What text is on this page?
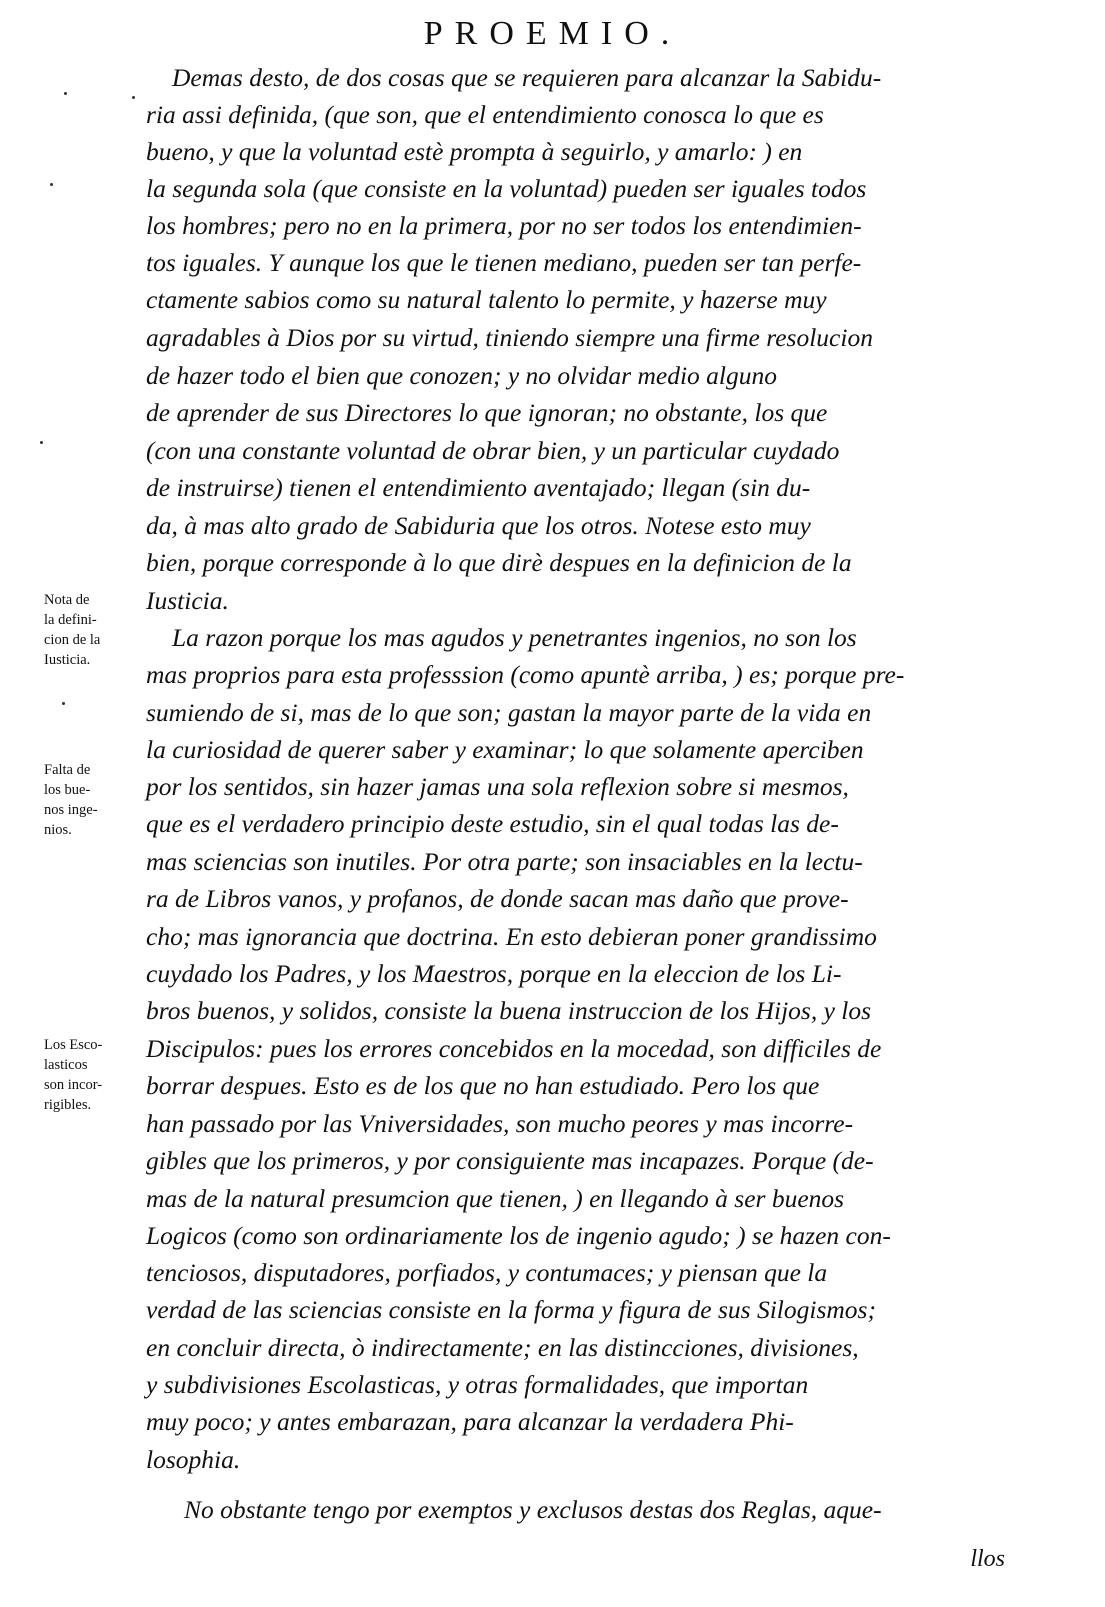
PROEMIO.
Demas desto, de dos cosas que se requieren para alcanzar la Sabidu-
ria assi definida, (que son, que el entendimiento conosca lo que es
bueno, y que la voluntad estè prompta à seguirlo, y amarlo: ) en
la segunda sola (que consiste en la voluntad) pueden ser iguales todos
los hombres; pero no en la primera, por no ser todos los entendimien-
tos iguales. Y aunque los que le tienen mediano, pueden ser tan perfe-
ctamente sabios como su natural talento lo permite, y hazerse muy
agradables à Dios por su virtud, tiniendo siempre una firme resolucion
de hazer todo el bien que conozen; y no olvidar medio alguno
de aprender de sus Directores lo que ignoran; no obstante, los que
(con una constante voluntad de obrar bien, y un particular cuydado
de instruirse) tienen el entendimiento aventajado; llegan (sin du-
da, à mas alto grado de Sabiduria que los otros. Notese esto muy
bien, porque corresponde à lo que dirè despues en la definicion de la
Iusticia.
La razon porque los mas agudos y penetrantes ingenios, no son los
mas proprios para esta professsion (como apuntè arriba, ) es; porque pre-
sumiendo de si, mas de lo que son; gastan la mayor parte de la vida en
la curiosidad de querer saber y examinar; lo que solamente aperciben
por los sentidos, sin hazer jamas una sola reflexion sobre si mesmos,
que es el verdadero principio deste estudio, sin el qual todas las de-
mas sciencias son inutiles. Por otra parte; son insaciables en la lectu-
ra de Libros vanos, y profanos, de donde sacan mas daño que prove-
cho; mas ignorancia que doctrina. En esto debieran poner grandissimo
cuydado los Padres, y los Maestros, porque en la eleccion de los Li-
bros buenos, y solidos, consiste la buena instruccion de los Hijos, y los
Discipulos: pues los errores concebidos en la mocedad, son difficiles de
borrar despues. Esto es de los que no han estudiado. Pero los que
han passado por las Vniversidades, son mucho peores y mas incorre-
gibles que los primeros, y por consiguiente mas incapazes. Porque (de-
mas de la natural presumcion que tienen, ) en llegando à ser buenos
Logicos (como son ordinariamente los de ingenio agudo; ) se hazen con-
tenciosos, disputadores, porfiados, y contumaces; y piensan que la
verdad de las sciencias consiste en la forma y figura de sus Silogismos;
en concluir directa, ò indirectamente; en las distincciones, divisiones,
y subdivisiones Escolasticas, y otras formalidades, que importan
muy poco; y antes embarazan, para alcanzar la verdadera Phi-
losophia.
No obstante tengo por exemptos y exclusos destas dos Reglas, aque-
llos
Nota de
la defini-
cion de la
Iusticia.
Falta de
los bue-
nos inge-
nios.
Los Esco-
lasticos
son incor-
rigibles.
